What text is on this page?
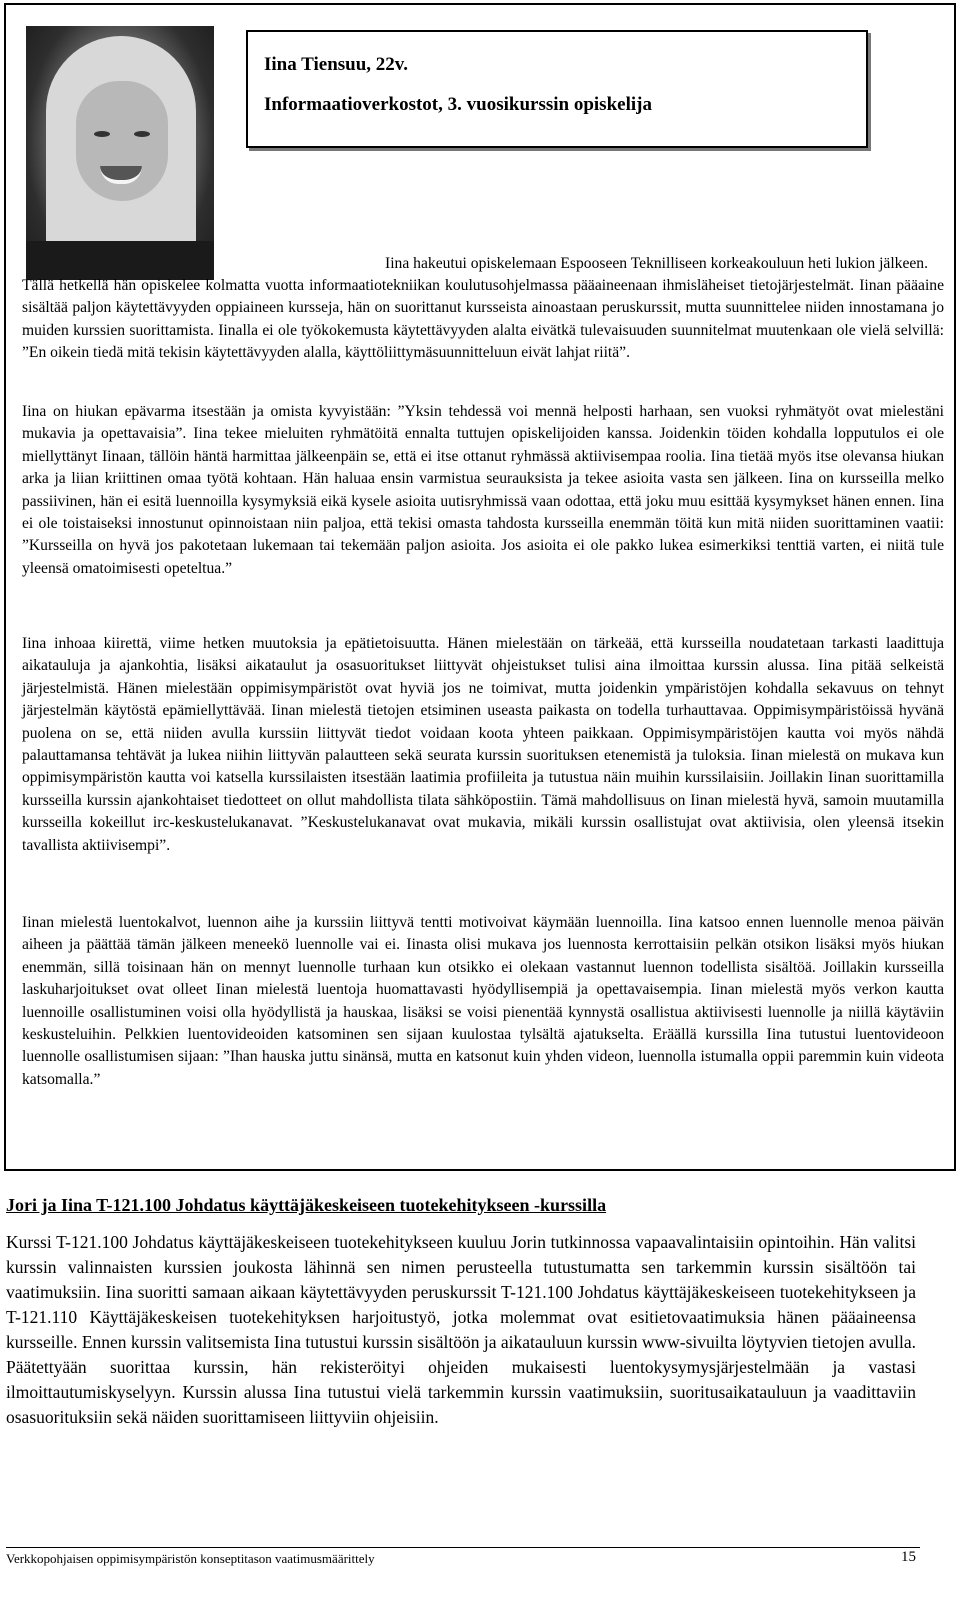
Iina Tiensuu, 22v.
Informaatioverkostot, 3. vuosikurssin opiskelija
Iina hakeutui opiskelemaan Espooseen Teknilliseen korkeakouluun heti lukion jälkeen.

Tällä hetkellä hän opiskelee kolmatta vuotta informaatiotekniikan koulutusohjelmassa pääaineenaan ihmisläheiset tietojärjestelmät. Iinan pääaine sisältää paljon käytettävyyden oppiaineen kursseja, hän on suorittanut kursseista ainoastaan peruskurssit, mutta suunnittelee niiden innostamana jo muiden kurssien suorittamista. Iinalla ei ole työkokemusta käytettävyyden alalta eivätkä tulevaisuuden suunnitelmat muutenkaan ole vielä selvillä: ”En oikein tiedä mitä tekisin käytettävyyden alalla, käyttöliittymäsuunnitteluun eivät lahjat riitä”.

Iina on hiukan epävarma itsestään ja omista kyvyistään: ”Yksin tehdessä voi mennä helposti harhaan, sen vuoksi ryhmätyöt ovat mielestäni mukavia ja opettavaisia”. Iina tekee mieluiten ryhmätöitä ennalta tuttujen opiskelijoiden kanssa. Joidenkin töiden kohdalla lopputulos ei ole miellyttänyt Iinaan, tällöin häntä harmittaa jälkeenpäin se, että ei itse ottanut ryhmässä aktiivisempaa roolia. Iina tietää myös itse olevansa hiukan arka ja liian kriittinen omaa työtä kohtaan. Hän haluaa ensin varmistua seurauksista ja tekee asioita vasta sen jälkeen. Iina on kursseilla melko passiivinen, hän ei esitä luennoilla kysymyksiä eikä kysele asioita uutisryhmissä vaan odottaa, että joku muu esittää kysymykset hänen ennen. Iina ei ole toistaiseksi innostunut opinnoistaan niin paljoa, että tekisi omasta tahdosta kursseilla enemmän töitä kun mitä niiden suorittaminen vaatii: ”Kursseilla on hyvä jos pakotetaan lukemaan tai tekemään paljon asioita. Jos asioita ei ole pakko lukea esimerkiksi tenttiä varten, ei niitä tule yleensä omatoimisesti opeteltua.”

Iina inhoaa kiirettä, viime hetken muutoksia ja epätietoisuutta. Hänen mielestään on tärkeää, että kursseilla noudatetaan tarkasti laadittuja aikatauluja ja ajankohtia, lisäksi aikataulut ja osasuoritukset liittyvät ohjeistukset tulisi aina ilmoittaa kurssin alussa. Iina pitää selkeistä järjestelmistä. Hänen mielestään oppimisympäristöt ovat hyviä jos ne toimivat, mutta joidenkin ympäristöjen kohdalla sekavuus on tehnyt järjestelmän käytöstä epämiellyttävää. Iinan mielestä tietojen etsiminen useasta paikasta on todella turhauttavaa. Oppimisympäristöissä hyvänä puolena on se, että niiden avulla kurssiin liittyvät tiedot voidaan koota yhteen paikkaan. Oppimisympäristöjen kautta voi myös nähdä palauttamansa tehtävät ja lukea niihin liittyvän palautteen sekä seurata kurssin suorituksen etenemistä ja tuloksia. Iinan mielestä on mukava kun oppimisympäristön kautta voi katsella kurssilaisten itsestään laatimia profiileita ja tutustua näin muihin kurssilaisiin. Joillakin Iinan suorittamilla kursseilla kurssin ajankohtaiset tiedotteet on ollut mahdollista tilata sähköpostiin. Tämä mahdollisuus on Iinan mielestä hyvä, samoin muutamilla kursseilla kokeillut irc-keskustelukanavat. ”Keskustelukanavat ovat mukavia, mikäli kurssin osallistujat ovat aktiivisia, olen yleensä itsekin tavallista aktiivisempi”.

Iinan mielestä luentokalvot, luennon aihe ja kurssiin liittyvä tentti motivoivat käymään luennoilla. Iina katsoo ennen luennolle menoa päivän aiheen ja päättää tämän jälkeen meneekö luennolle vai ei. Iinasta olisi mukava jos luennosta kerrottaisiin pelkän otsikon lisäksi myös hiukan enemmän, sillä toisinaan hän on mennyt luennolle turhaan kun otsikko ei olekaan vastannut luennon todellista sisältöä. Joillakin kursseilla laskuharjoitukset ovat olleet Iinan mielestä luentoja huomattavasti hyödyllisempiä ja opettavaisempia. Iinan mielestä myös verkon kautta luennoille osallistuminen voisi olla hyödyllistä ja hauskaa, lisäksi se voisi pienentää kynnystä osallistua aktiivisesti luennolle ja niillä käytäviin keskusteluihin. Pelkkien luentovideoiden katsominen sen sijaan kuulostaa tylsältä ajatukselta. Eräällä kurssilla Iina tutustui luentovideoon luennolle osallistumisen sijaan: ”Ihan hauska juttu sinänsä, mutta en katsonut kuin yhden videon, luennolla istumalla oppii paremmin kuin videota katsomalla.”

Jori ja Iina T-121.100 Johdatus käyttäjäkeskeiseen tuotekehitykseen -kurssilla
Kurssi T-121.100 Johdatus käyttäjäkeskeiseen tuotekehitykseen kuuluu Jorin tutkinnossa vapaavalintaisiin opintoihin. Hän valitsi kurssin valinnaisten kurssien joukosta lähinnä sen nimen perusteella tutustumatta sen tarkemmin kurssin sisältöön tai vaatimuksiin. Iina suoritti samaan aikaan käytettävyyden peruskurssit T-121.100 Johdatus käyttäjäkeskeiseen tuotekehitykseen ja T-121.110 Käyttäjäkeskeisen tuotekehityksen harjoitustyö, jotka molemmat ovat esitietovaatimuksia hänen pääaineensa kursseille. Ennen kurssin valitsemista Iina tutustui kurssin sisältöön ja aikatauluun kurssin www-sivuilta löytyvien tietojen avulla. Päätettyään suorittaa kurssin, hän rekisteröityi ohjeiden mukaisesti luentokysymysjärjestelmään ja vastasi ilmoittautumiskyselyyn. Kurssin alussa Iina tutustui vielä tarkemmin kurssin vaatimuksiin, suoritusaikatauluun ja vaadittaviin osasuorituksiin sekä näiden suorittamiseen liittyviin ohjeisiin.
Verkkopohjaisen oppimisympäristön konseptitason vaatimusmäärittely	15
